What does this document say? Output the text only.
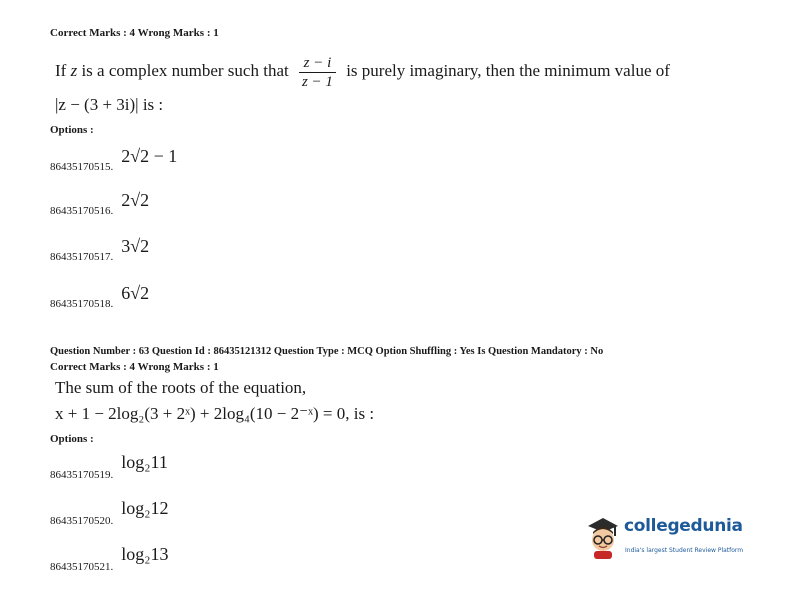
Correct Marks : 4 Wrong Marks : 1
If z is a complex number such that $\frac{z - i}{z - 1}$ is purely imaginary, then the minimum value of
|z − (3 + 3i)| is :
Options :
$_{86435170515.}$ 2√2 − 1
$_{86435170516.}$ 2√2
$_{86435170517.}$ 3√2
$_{86435170518.}$ 6√2
Question Number : 63 Question Id : 86435121312 Question Type : MCQ Option Shuffling : Yes Is Question Mandatory : No
Correct Marks : 4 Wrong Marks : 1
The sum of the roots of the equation,
x + 1 − 2log₂(3 + 2ˣ) + 2log₄(10 − 2⁻ˣ) = 0, is :
Options :
$_{86435170519.}$ log₂11
$_{86435170520.}$ log₂12
$_{86435170521.}$ log₂13
collegedunia
India's largest Student Review Platform
